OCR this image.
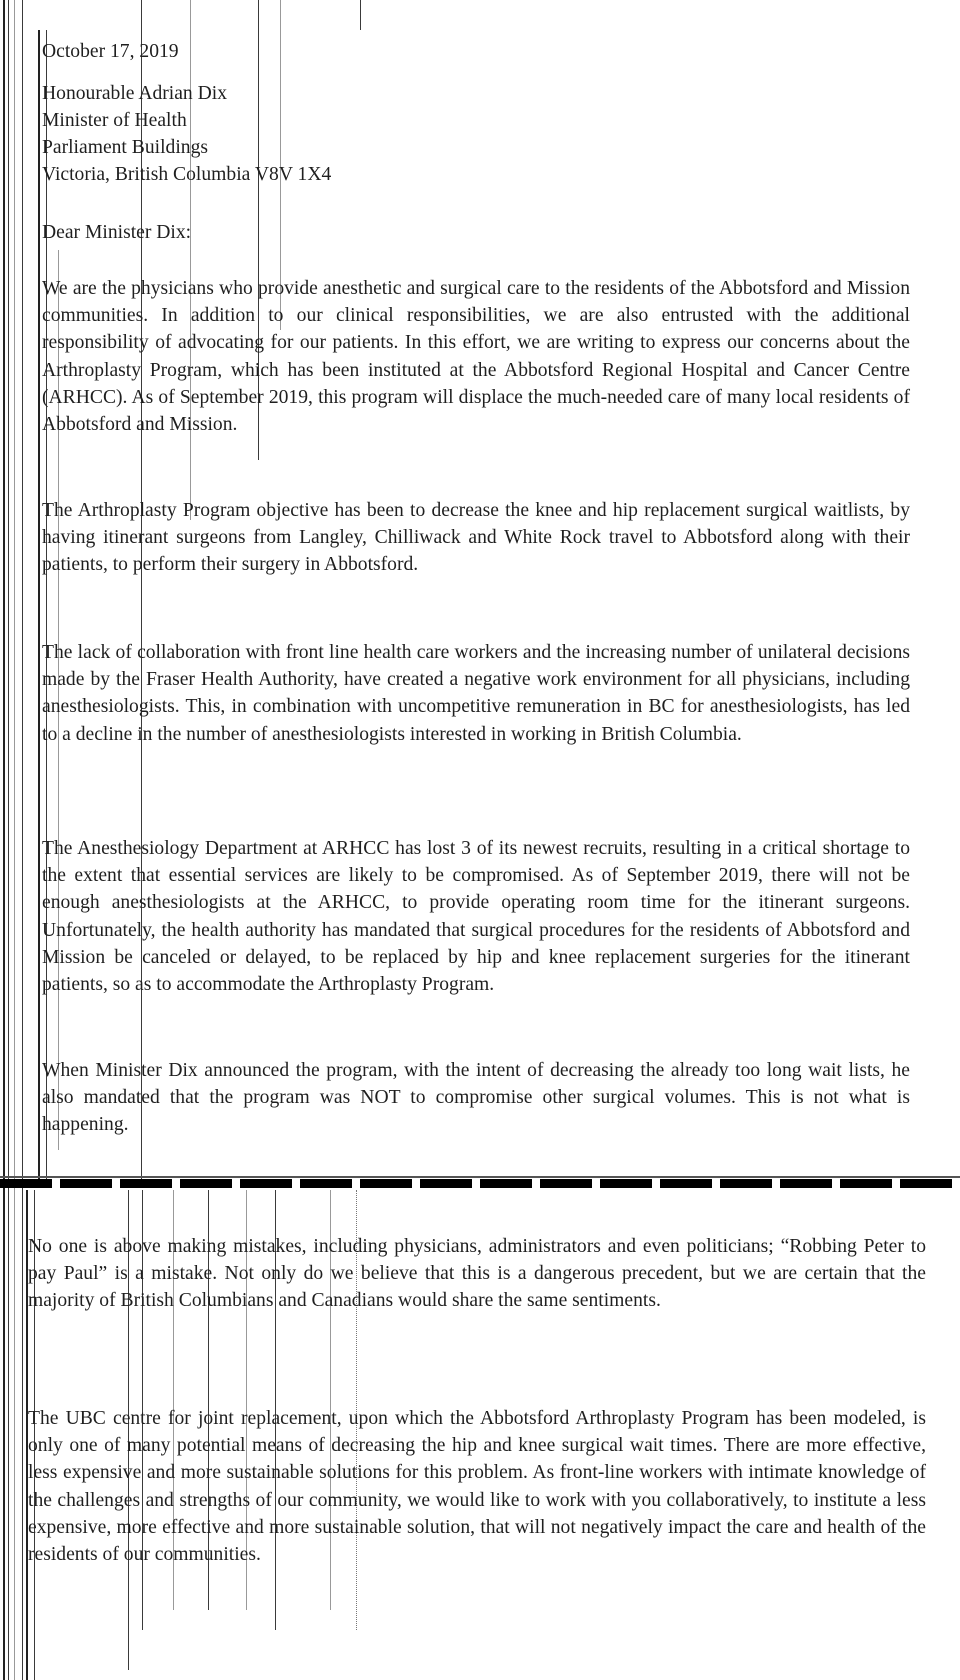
October 17, 2019

Honourable Adrian Dix
Minister of Health
Parliament Buildings
Victoria, British Columbia V8V 1X4

Dear Minister Dix:

We are the physicians who provide anesthetic and surgical care to the residents of the Abbotsford and Mission communities. In addition to our clinical responsibilities, we are also entrusted with the additional responsibility of advocating for our patients. In this effort, we are writing to express our concerns about the Arthroplasty Program, which has been instituted at the Abbotsford Regional Hospital and Cancer Centre (ARHCC). As of September 2019, this program will displace the much-needed care of many local residents of Abbotsford and Mission.

The Arthroplasty Program objective has been to decrease the knee and hip replacement surgical waitlists, by having itinerant surgeons from Langley, Chilliwack and White Rock travel to Abbotsford along with their patients, to perform their surgery in Abbotsford.

The lack of collaboration with front line health care workers and the increasing number of unilateral decisions made by the Fraser Health Authority, have created a negative work environment for all physicians, including anesthesiologists. This, in combination with uncompetitive remuneration in BC for anesthesiologists, has led to a decline in the number of anesthesiologists interested in working in British Columbia.

The Anesthesiology Department at ARHCC has lost 3 of its newest recruits, resulting in a critical shortage to the extent that essential services are likely to be compromised. As of September 2019, there will not be enough anesthesiologists at the ARHCC, to provide operating room time for the itinerant surgeons. Unfortunately, the health authority has mandated that surgical procedures for the residents of Abbotsford and Mission be canceled or delayed, to be replaced by hip and knee replacement surgeries for the itinerant patients, so as to accommodate the Arthroplasty Program.

When Minister Dix announced the program, with the intent of decreasing the already too long wait lists, he also mandated that the program was NOT to compromise other surgical volumes. This is not what is happening.

No one is above making mistakes, including physicians, administrators and even politicians; “Robbing Peter to pay Paul” is a mistake. Not only do we believe that this is a dangerous precedent, but we are certain that the majority of British Columbians and Canadians would share the same sentiments.

The UBC centre for joint replacement, upon which the Abbotsford Arthroplasty Program has been modeled, is only one of many potential means of decreasing the hip and knee surgical wait times. There are more effective, less expensive and more sustainable solutions for this problem. As front-line workers with intimate knowledge of the challenges and strengths of our community, we would like to work with you collaboratively, to institute a less expensive, more effective and more sustainable solution, that will not negatively impact the care and health of the residents of our communities.
